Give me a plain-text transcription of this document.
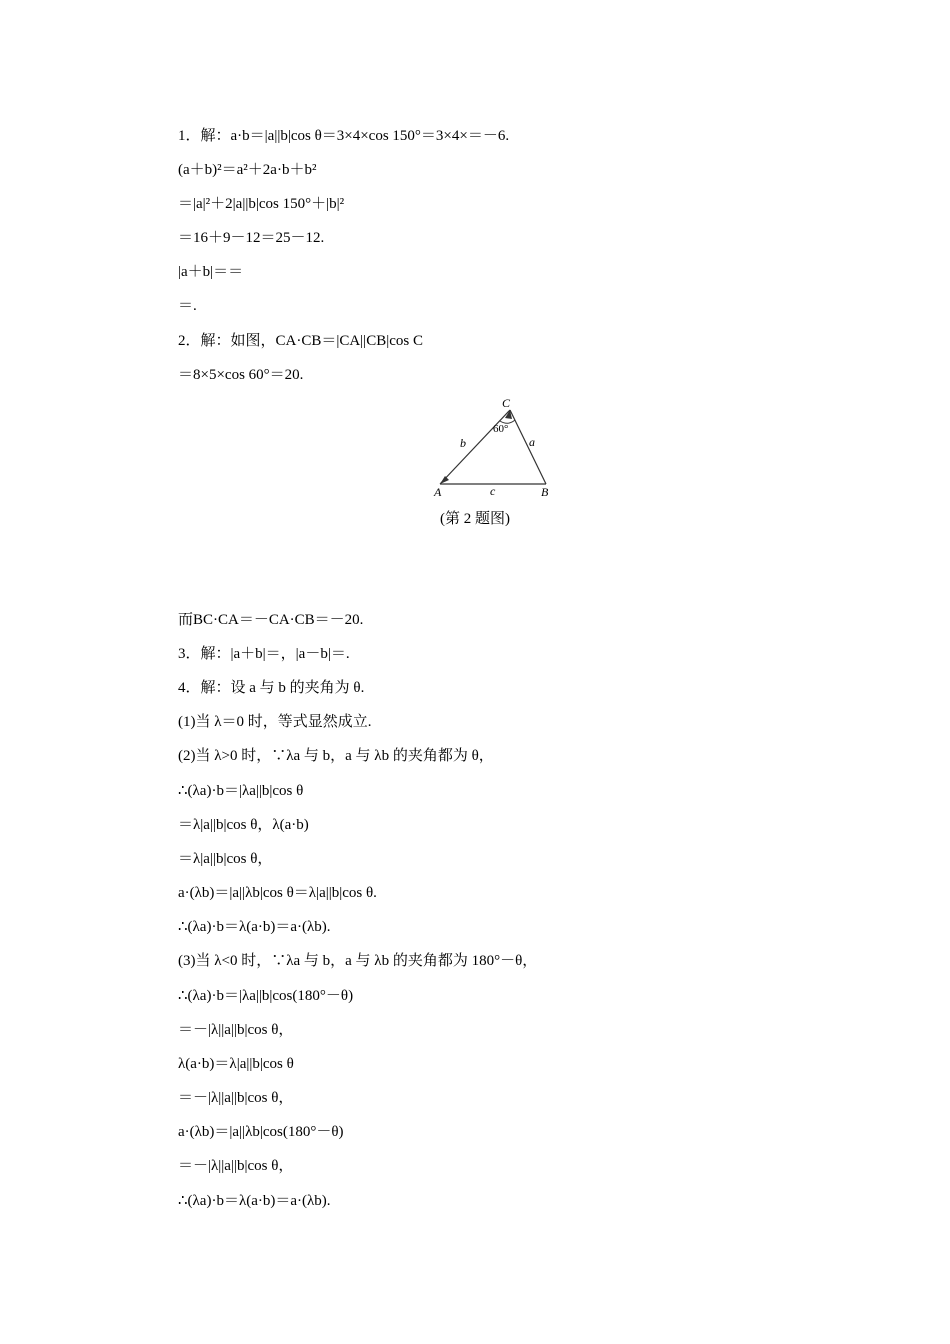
1．解：a·b＝|a||b|cos θ＝3×4×cos 150°＝3×4×＝－6.
(a＋b)²＝a²＋2a·b＋b²
＝|a|²＋2|a||b|cos 150°＋|b|²
＝16＋9－12＝25－12.
|a＋b|＝＝
＝.
2．解：如图，CA·CB＝|CA||CB|cos C
＝8×5×cos 60°＝20.
而BC·CA＝－CA·CB＝－20.
3．解：|a＋b|＝，|a－b|＝.
4．解：设 a 与 b 的夹角为 θ.
(1)当 λ＝0 时，等式显然成立.
(2)当 λ>0 时，∵λa 与 b，a 与 λb 的夹角都为 θ，
∴(λa)·b＝|λa||b|cos θ
＝λ|a||b|cos θ，λ(a·b)
＝λ|a||b|cos θ，
a·(λb)＝|a||λb|cos θ＝λ|a||b|cos θ.
∴(λa)·b＝λ(a·b)＝a·(λb).
(3)当 λ<0 时，∵λa 与 b，a 与 λb 的夹角都为 180°－θ，
∴(λa)·b＝|λa||b|cos(180°－θ)
＝－|λ||a||b|cos θ，
λ(a·b)＝λ|a||b|cos θ
＝－|λ||a||b|cos θ，
a·(λb)＝|a||λb|cos(180°－θ)
＝－|λ||a||b|cos θ，
∴(λa)·b＝λ(a·b)＝a·(λb).
C
60°
b	a
A	c	B
(第 2 题图)
